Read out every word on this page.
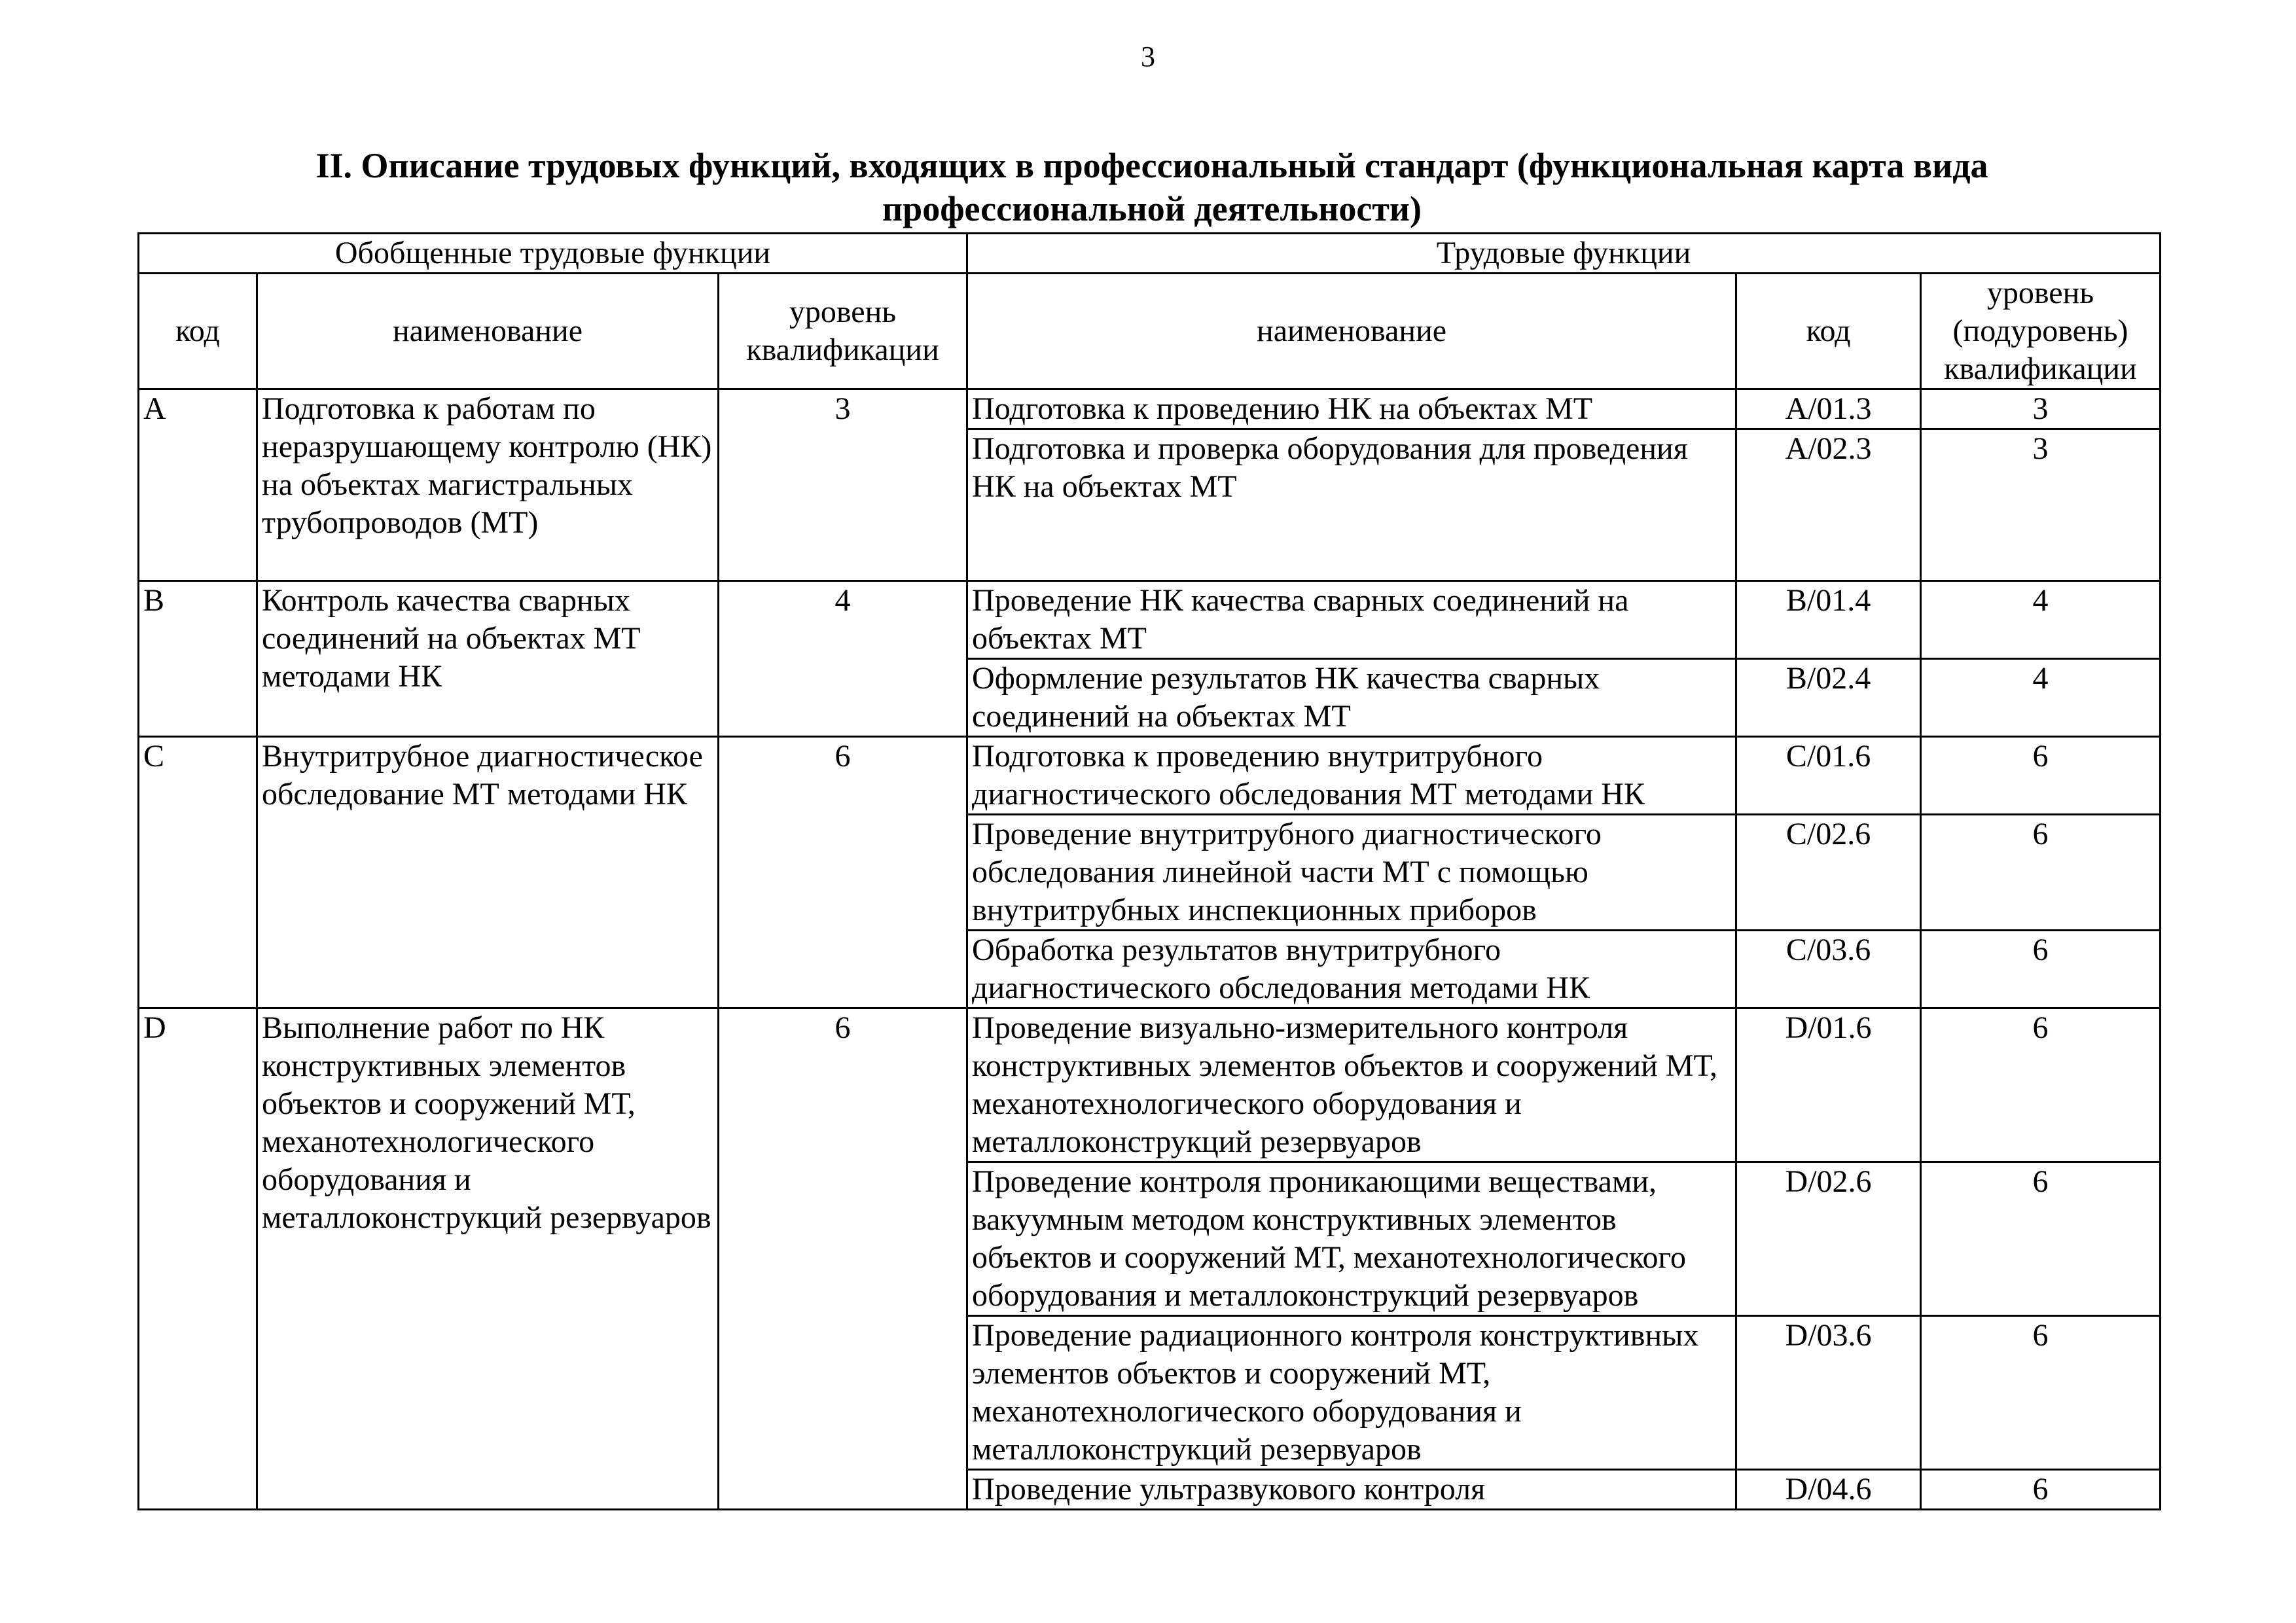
3
II. Описание трудовых функций, входящих в профессиональный стандарт (функциональная карта вида профессиональной деятельности)
Обобщенные трудовые функции			Трудовые функции		
код	наименование	уровень квалификации	наименование	код	уровень (подуровень) квалификации
A	Подготовка к работам по неразрушающему контролю (НК) на объектах магистральных трубопроводов (МТ)	3	Подготовка к проведению НК на объектах МТ	A/01.3	3
			Подготовка и проверка оборудования для проведения НК на объектах МТ	A/02.3	3
B	Контроль качества сварных соединений на объектах МТ методами НК	4	Проведение НК качества сварных соединений на объектах МТ	B/01.4	4
			Оформление результатов НК качества сварных соединений на объектах МТ	B/02.4	4
C	Внутритрубное диагностическое обследование МТ методами НК	6	Подготовка к проведению внутритрубного диагностического обследования МТ методами НК	C/01.6	6
			Проведение внутритрубного диагностического обследования линейной части МТ с помощью внутритрубных инспекционных приборов	C/02.6	6
			Обработка результатов внутритрубного диагностического обследования методами НК	C/03.6	6
D	Выполнение работ по НК конструктивных элементов объектов и сооружений МТ, механотехнологического оборудования и металлоконструкций резервуаров	6	Проведение визуально-измерительного контроля конструктивных элементов объектов и сооружений МТ, механотехнологического оборудования и металлоконструкций резервуаров	D/01.6	6
			Проведение контроля проникающими веществами, вакуумным методом конструктивных элементов объектов и сооружений МТ, механотехнологического оборудования и металлоконструкций резервуаров	D/02.6	6
			Проведение радиационного контроля конструктивных элементов объектов и сооружений МТ, механотехнологического оборудования и металлоконструкций резервуаров	D/03.6	6
			Проведение ультразвукового контроля	D/04.6	6
